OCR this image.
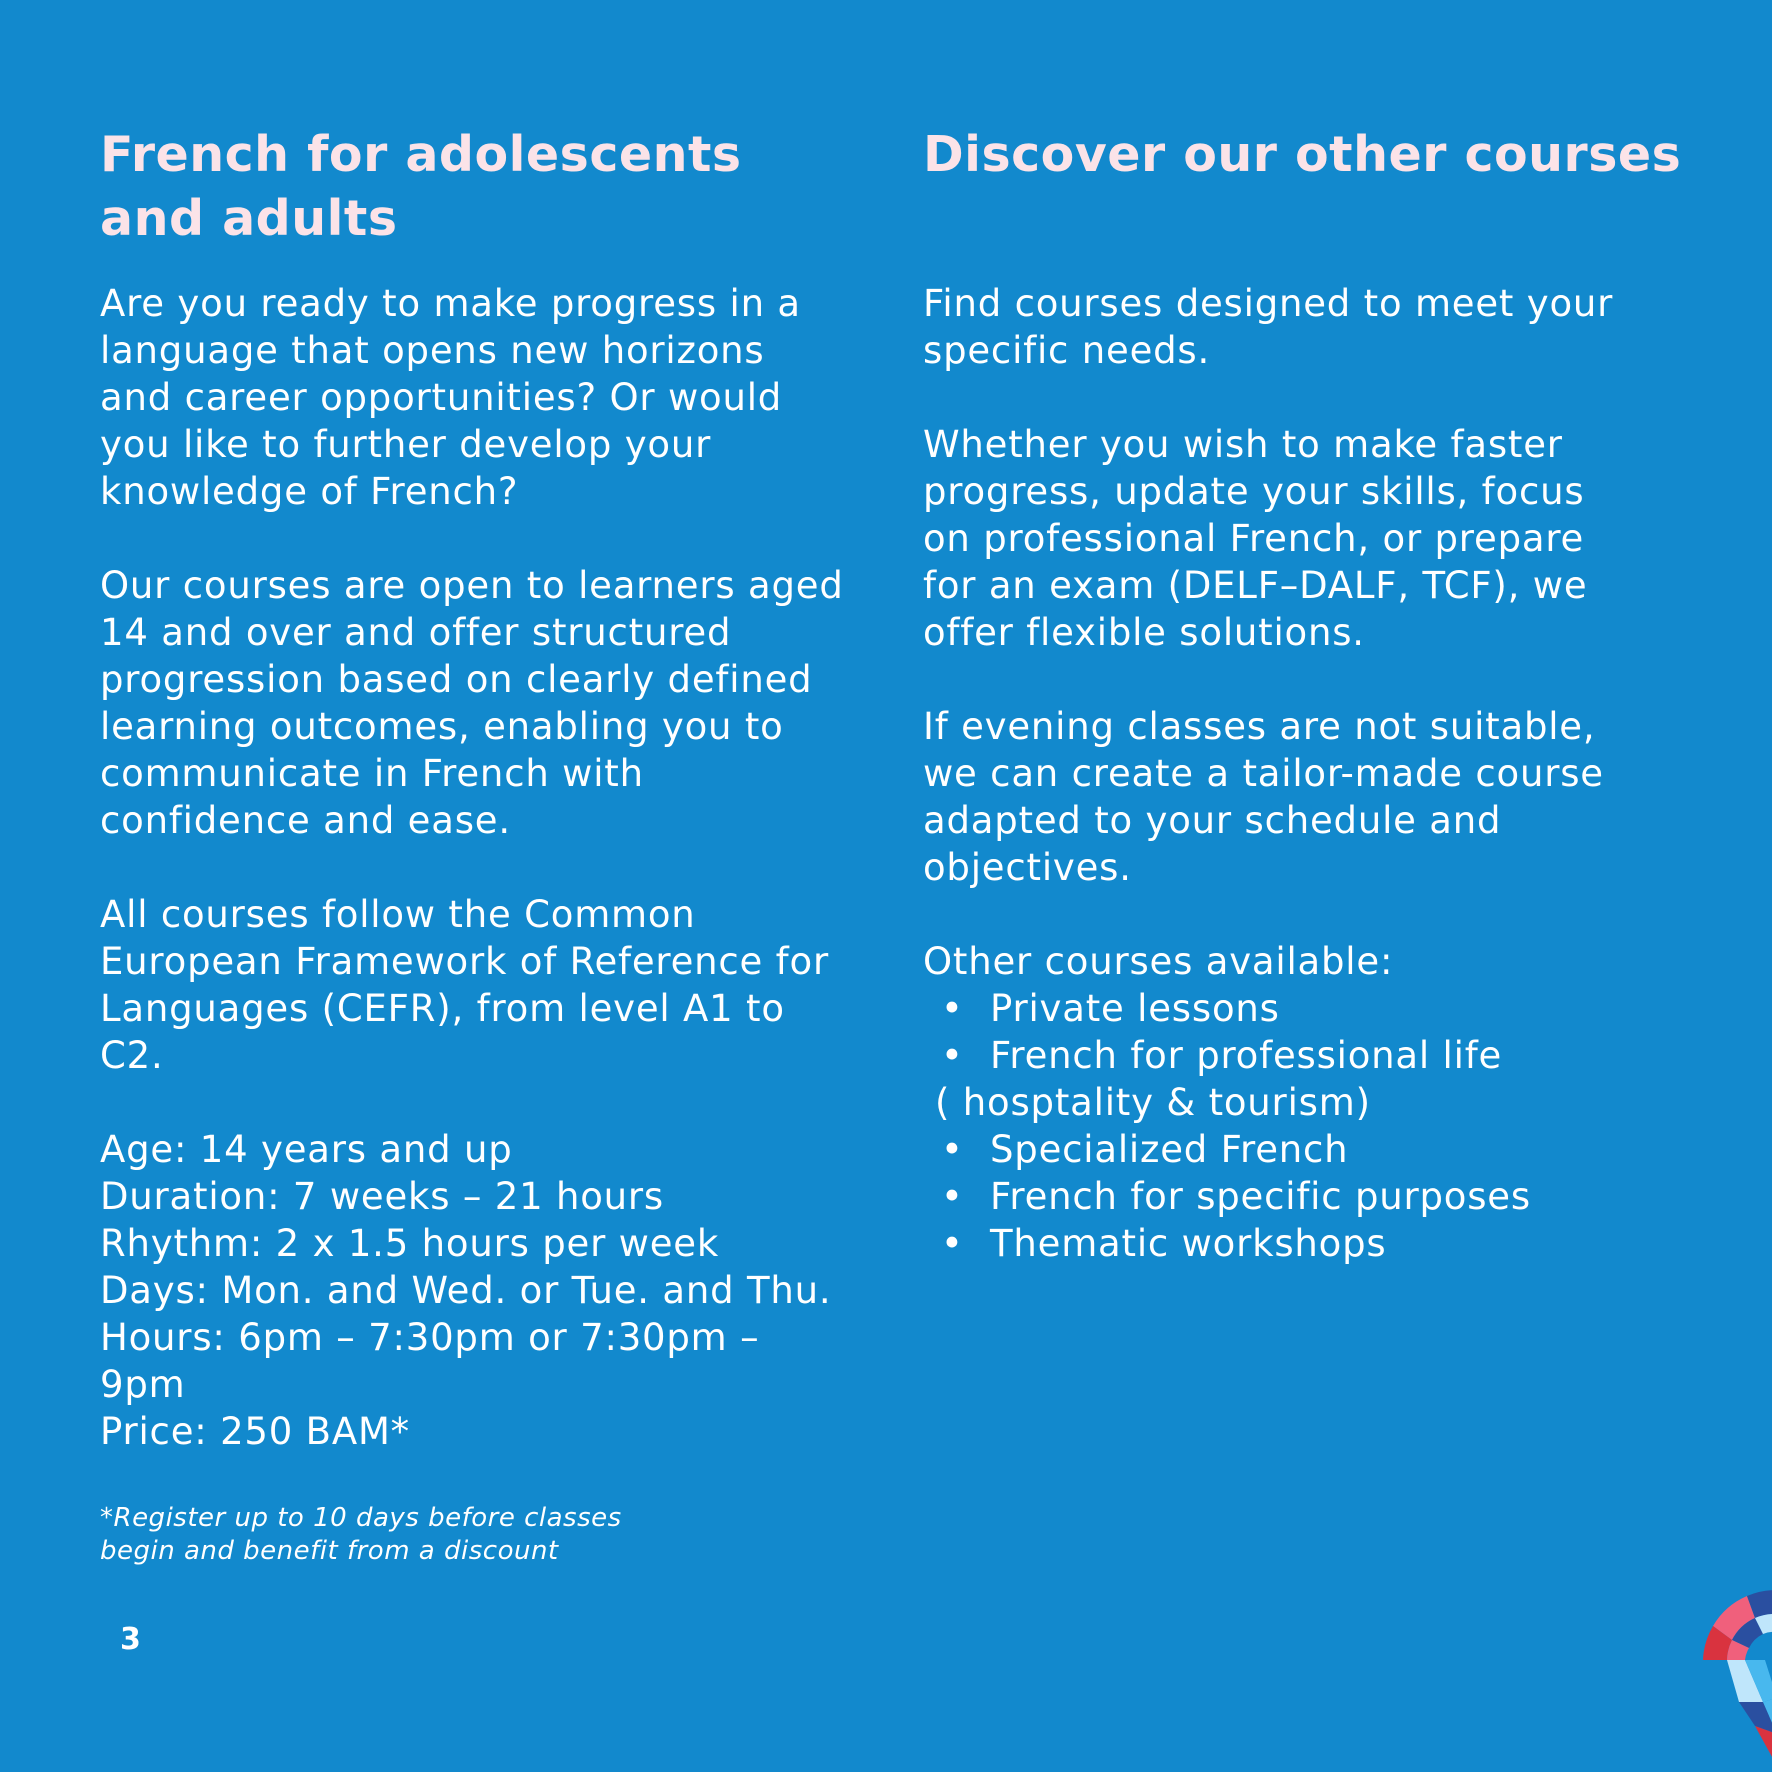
French for adolescents and adults
Discover our other courses

Are you ready to make progress in a
language that opens new horizons
and career opportunities? Or would
you like to further develop your
knowledge of French?

Our courses are open to learners aged
14 and over and offer structured
progression based on clearly defined
learning outcomes, enabling you to
communicate in French with
confidence and ease.

All courses follow the Common
European Framework of Reference for
Languages (CEFR), from level A1 to
C2.

Age: 14 years and up
Duration: 7 weeks – 21 hours
Rhythm: 2 x 1.5 hours per week
Days: Mon. and Wed. or Tue. and Thu.
Hours: 6pm – 7:30pm or 7:30pm –
9pm
Price: 250 BAM*

*Register up to 10 days before classes
begin and benefit from a discount

Find courses designed to meet your
specific needs.

Whether you wish to make faster
progress, update your skills, focus
on professional French, or prepare
for an exam (DELF–DALF, TCF), we
offer flexible solutions.

If evening classes are not suitable,
we can create a tailor-made course
adapted to your schedule and
objectives.

Other courses available:
• Private lessons
• French for professional life
( hosptality & tourism)
• Specialized French
• French for specific purposes
• Thematic workshops
3
